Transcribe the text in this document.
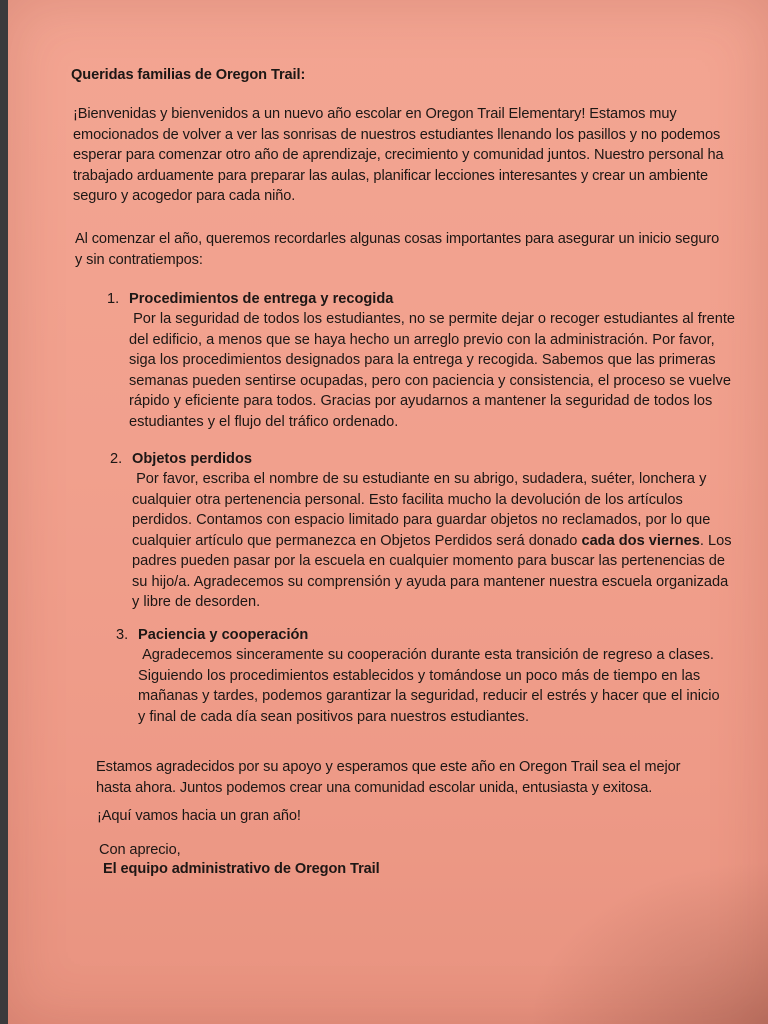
Queridas familias de Oregon Trail:
¡Bienvenidas y bienvenidos a un nuevo año escolar en Oregon Trail Elementary! Estamos muy emocionados de volver a ver las sonrisas de nuestros estudiantes llenando los pasillos y no podemos esperar para comenzar otro año de aprendizaje, crecimiento y comunidad juntos. Nuestro personal ha trabajado arduamente para preparar las aulas, planificar lecciones interesantes y crear un ambiente seguro y acogedor para cada niño.
Al comenzar el año, queremos recordarles algunas cosas importantes para asegurar un inicio seguro y sin contratiempos:
1. Procedimientos de entrega y recogida
Por la seguridad de todos los estudiantes, no se permite dejar o recoger estudiantes al frente del edificio, a menos que se haya hecho un arreglo previo con la administración. Por favor, siga los procedimientos designados para la entrega y recogida. Sabemos que las primeras semanas pueden sentirse ocupadas, pero con paciencia y consistencia, el proceso se vuelve rápido y eficiente para todos. Gracias por ayudarnos a mantener la seguridad de todos los estudiantes y el flujo del tráfico ordenado.
2. Objetos perdidos
Por favor, escriba el nombre de su estudiante en su abrigo, sudadera, suéter, lonchera y cualquier otra pertenencia personal. Esto facilita mucho la devolución de los artículos perdidos. Contamos con espacio limitado para guardar objetos no reclamados, por lo que cualquier artículo que permanezca en Objetos Perdidos será donado cada dos viernes. Los padres pueden pasar por la escuela en cualquier momento para buscar las pertenencias de su hijo/a. Agradecemos su comprensión y ayuda para mantener nuestra escuela organizada y libre de desorden.
3. Paciencia y cooperación
Agradecemos sinceramente su cooperación durante esta transición de regreso a clases. Siguiendo los procedimientos establecidos y tomándose un poco más de tiempo en las mañanas y tardes, podemos garantizar la seguridad, reducir el estrés y hacer que el inicio y final de cada día sean positivos para nuestros estudiantes.
Estamos agradecidos por su apoyo y esperamos que este año en Oregon Trail sea el mejor hasta ahora. Juntos podemos crear una comunidad escolar unida, entusiasta y exitosa.
¡Aquí vamos hacia un gran año!
Con aprecio,
El equipo administrativo de Oregon Trail
